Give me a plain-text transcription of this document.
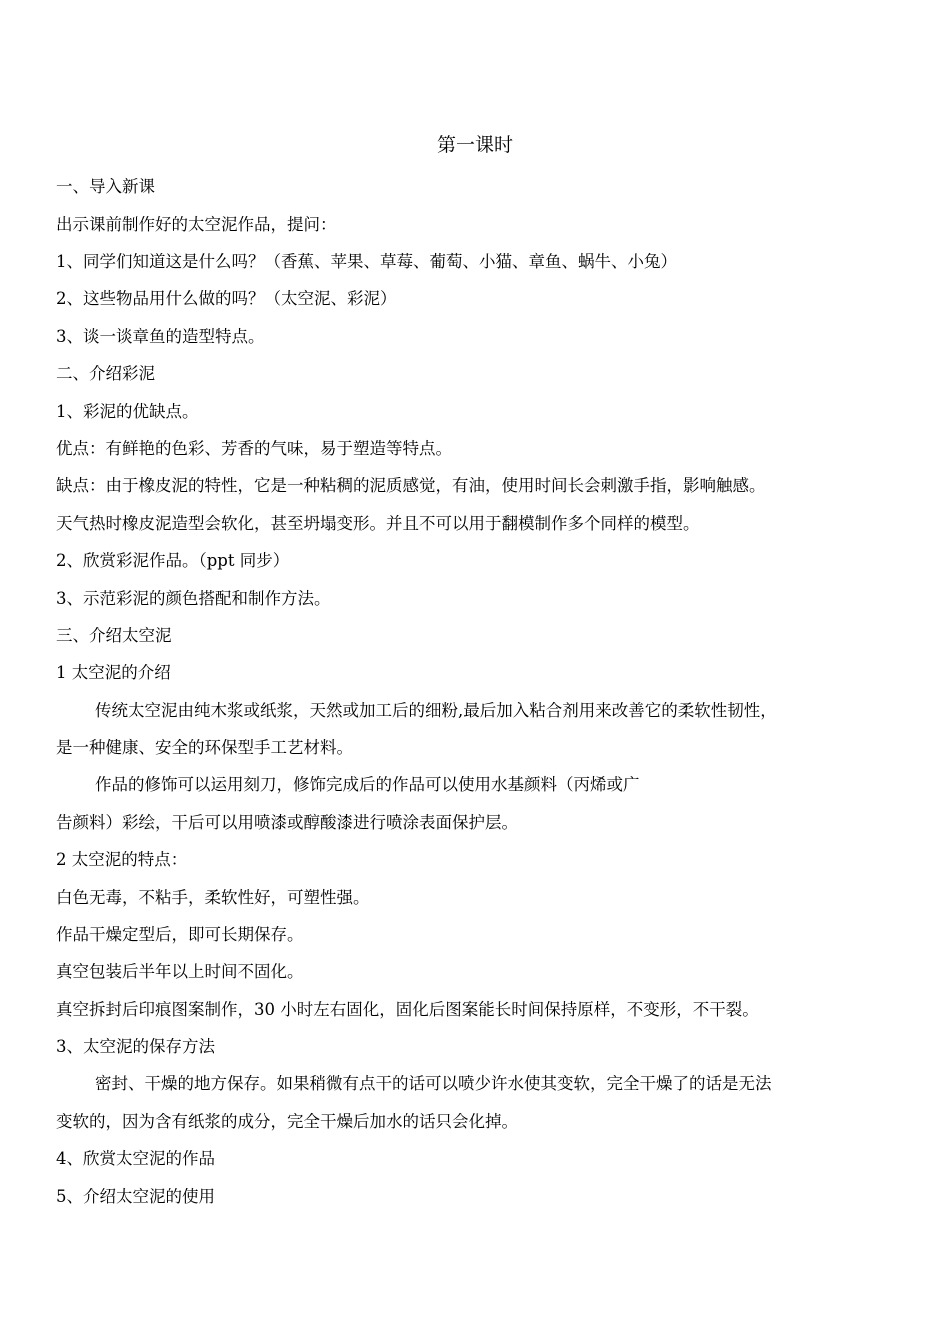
第一课时
一、导入新课
出示课前制作好的太空泥作品，提问：
1、同学们知道这是什么吗？（香蕉、苹果、草莓、葡萄、小猫、章鱼、蜗牛、小兔）
2、这些物品用什么做的吗？（太空泥、彩泥）
3、谈一谈章鱼的造型特点。
二、介绍彩泥
1、彩泥的优缺点。
优点：有鲜艳的色彩、芳香的气味，易于塑造等特点。
缺点：由于橡皮泥的特性，它是一种粘稠的泥质感觉，有油，使用时间长会刺激手指，影响触感。
天气热时橡皮泥造型会软化，甚至坍塌变形。并且不可以用于翻模制作多个同样的模型。
2、欣赏彩泥作品。（ppt 同步）
3、示范彩泥的颜色搭配和制作方法。
三、介绍太空泥
1 太空泥的介绍
传统太空泥由纯木浆或纸浆，天然或加工后的细粉,最后加入粘合剂用来改善它的柔软性韧性，
是一种健康、安全的环保型手工艺材料。
作品的修饰可以运用刻刀，修饰完成后的作品可以使用水基颜料（丙烯或广
告颜料）彩绘，干后可以用喷漆或醇酸漆进行喷涂表面保护层。
2 太空泥的特点：
白色无毒，不粘手，柔软性好，可塑性强。
作品干燥定型后，即可长期保存。
真空包装后半年以上时间不固化。
真空拆封后印痕图案制作，30 小时左右固化，固化后图案能长时间保持原样，不变形，不干裂。
3、太空泥的保存方法
密封、干燥的地方保存。如果稍微有点干的话可以喷少许水使其变软，完全干燥了的话是无法
变软的，因为含有纸浆的成分，完全干燥后加水的话只会化掉。
4、欣赏太空泥的作品
5、介绍太空泥的使用
